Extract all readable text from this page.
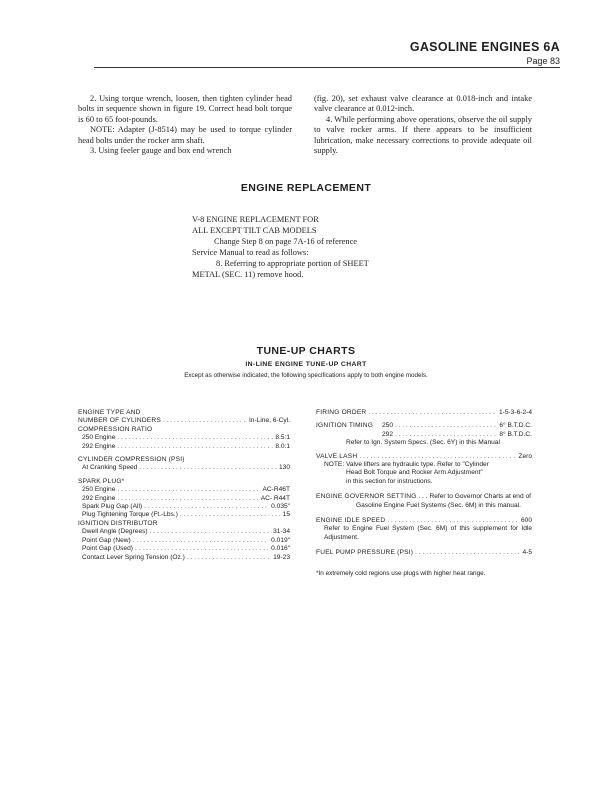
GASOLINE ENGINES 6A
Page 83

2. Using torque wrench, loosen, then tighten cylinder head bolts in sequence shown in figure 19. Correct head bolt torque is 60 to 65 foot-pounds.

NOTE: Adapter (J-8514) may be used to torque cylinder head bolts under the rocker arm shaft.

3. Using feeler gauge and box end wrench

(fig. 20), set exhaust valve clearance at 0.018-inch and intake valve clearance at 0.012-inch.

4. While performing above operations, observe the oil supply to valve rocker arms. If there appears to be insufficient lubrication, make necessary corrections to provide adequate oil supply.

ENGINE REPLACEMENT
V-8 ENGINE REPLACEMENT FOR
ALL EXCEPT TILT CAB MODELS
Change Step 8 on page 7A-16 of reference
Service Manual to read as follows:
8. Referring to appropriate portion of SHEET
METAL (SEC. 11) remove hood.
TUNE-UP CHARTS
IN-LINE ENGINE TUNE-UP CHART
Except as otherwise indicated, the following specifications apply to both engine models.
ENGINE TYPE AND
NUMBER OF CYLINDERS . . .	In-Line, 6-Cyl.
COMPRESSION RATIO
250 Engine . . .	8.5:1
292 Engine . . .	8.0:1
CYLINDER COMPRESSION (PSI)
At Cranking Speed . . .	130
SPARK PLUG*
250 Engine . . .	AC-R46T
292 Engine . . .	AC- R44T
Spark Plug Gap (All) . . .	0.035"
Plug Tightening Torque (Ft.-Lbs.) . . .	15
IGNITION DISTRIBUTOR
Dwell Angle (Degrees) . . .	31-34
Point Gap (New) . . .	0.019"
Point Gap (Used) . . .	0.016"
Contact Lever Spring Tension (Oz.) . . .	19-23
FIRING ORDER . . .	1-5-3-6-2-4
IGNITION TIMING	250 . . .	6° B.T.D.C.
292 . . .	8° B.T.D.C.
Refer to Ign. System Specs. (Sec. 6Y) in this Manual
VALVE LASH . . .	Zero
NOTE: Valve lifters are hydraulic type. Refer to "Cylinder
Head Bolt Torque and Rocker Arm Adjustment"
in this section for instructions.
ENGINE GOVERNOR SETTING . . . Refer to Governor Charts at end of
Gasoline Engine Fuel Systems (Sec. 6M) in this manual.
ENGINE IDLE SPEED . . .	600
Refer to Engine Fuel System (Sec. 6M) of this supplement for Idle Adjustment.
FUEL PUMP PRESSURE (PSI) . . .	4-5
*In extremely cold regions use plugs with higher heat range.
